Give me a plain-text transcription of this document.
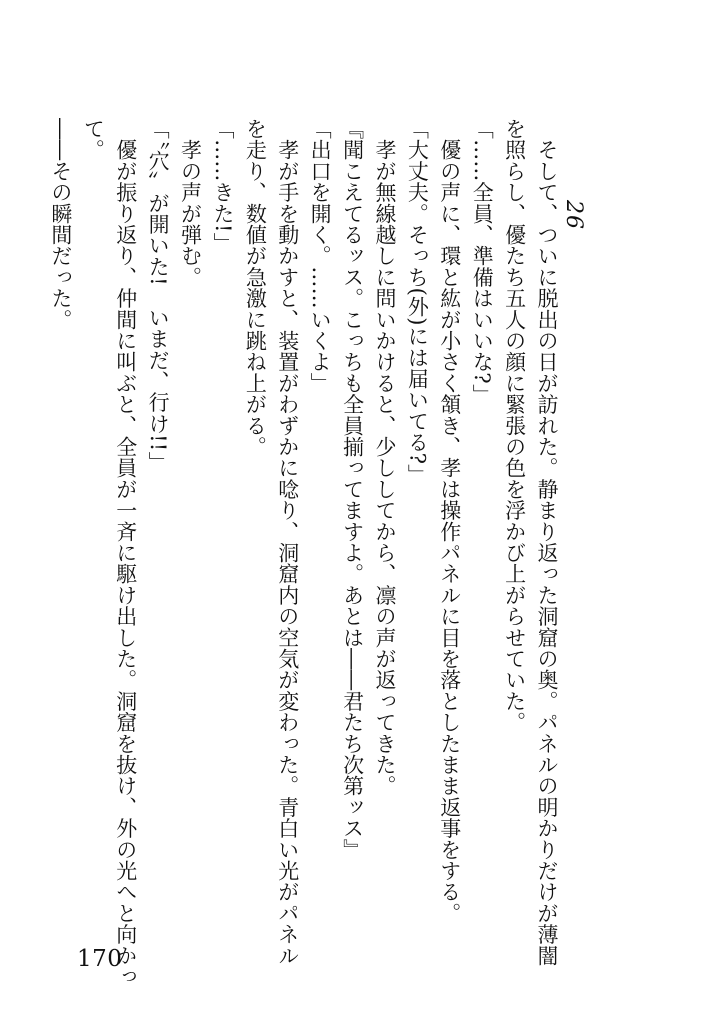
26

　そして、ついに脱出の日が訪れた。静まり返った洞窟の奥。パネルの明かりだけが薄闇

を照らし、優たち五人の顔に緊張の色を浮かび上がらせていた。

「……全員、準備はいいな?」

　優の声に、環と紘が小さく頷き、孝は操作パネルに目を落としたまま返事をする。

「大丈夫。そっち(外)には届いてる?」

　孝が無線越しに問いかけると、少ししてから、凛の声が返ってきた。

『聞こえてるッス。こっちも全員揃ってますよ。あとは――君たち次第ッス』

「出口を開く。……いくよ」

　孝が手を動かすと、装置がわずかに唸り、洞窟内の空気が変わった。青白い光がパネル

を走り、数値が急激に跳ね上がる。

「……きた!」

　孝の声が弾む。

「〝穴〟が開いた!　いまだ、行け!!」

　優が振り返り、仲間に叫ぶと、全員が一斉に駆け出した。洞窟を抜け、外の光へと向かっ

て。

――その瞬間だった。

170
